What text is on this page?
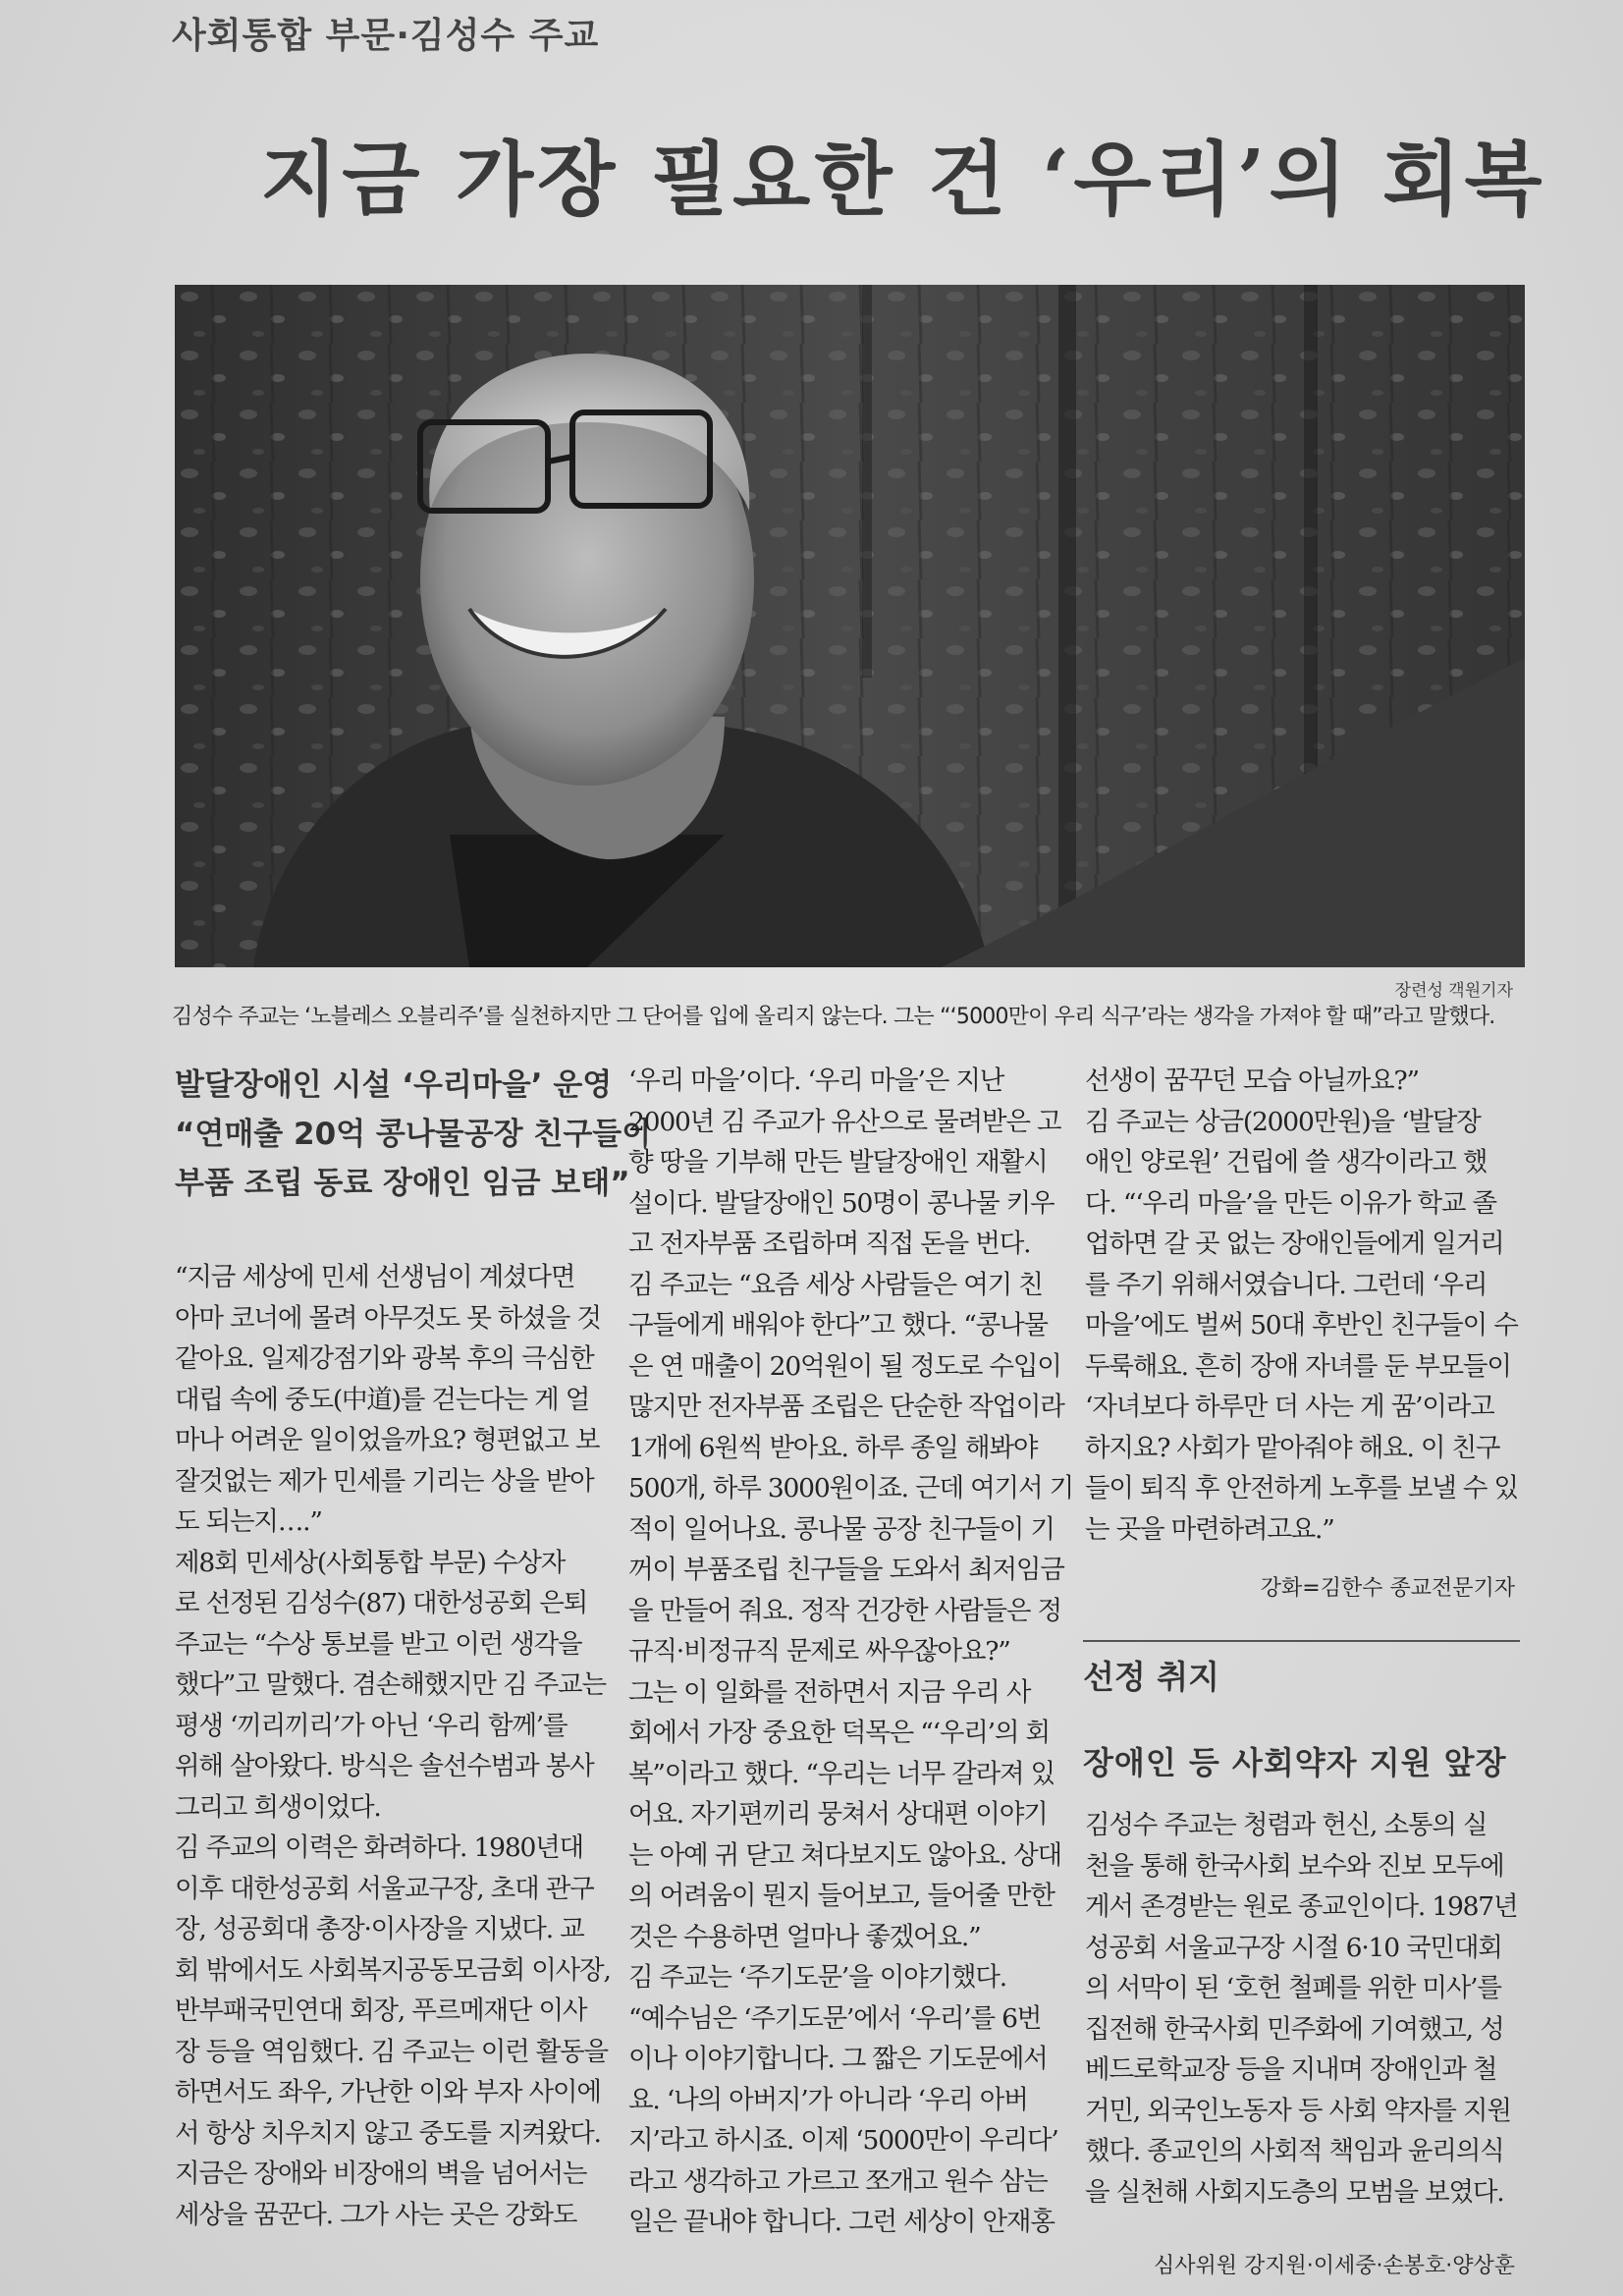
사회통합 부문·김성수 주교
지금 가장 필요한 건 ‘우리’의 회복
장련성 객원기자
김성수 주교는 ‘노블레스 오블리주’를 실천하지만 그 단어를 입에 올리지 않는다. 그는 “‘5000만이 우리 식구’라는 생각을 가져야 할 때”라고 말했다.
발달장애인 시설 ‘우리마을’ 운영
“연매출 20억 콩나물공장 친구들이
부품 조립 동료 장애인 임금 보태”
“지금 세상에 민세 선생님이 계셨다면
아마 코너에 몰려 아무것도 못 하셨을 것
같아요. 일제강점기와 광복 후의 극심한
대립 속에 중도(中道)를 걷는다는 게 얼
마나 어려운 일이었을까요? 형편없고 보
잘것없는 제가 민세를 기리는 상을 받아
도 되는지….”
제8회 민세상(사회통합 부문) 수상자
로 선정된 김성수(87) 대한성공회 은퇴
주교는 “수상 통보를 받고 이런 생각을
했다”고 말했다. 겸손해했지만 김 주교는
평생 ‘끼리끼리’가 아닌 ‘우리 함께’를
위해 살아왔다. 방식은 솔선수범과 봉사
그리고 희생이었다.
김 주교의 이력은 화려하다. 1980년대
이후 대한성공회 서울교구장, 초대 관구
장, 성공회대 총장·이사장을 지냈다. 교
회 밖에서도 사회복지공동모금회 이사장,
반부패국민연대 회장, 푸르메재단 이사
장 등을 역임했다. 김 주교는 이런 활동을
하면서도 좌우, 가난한 이와 부자 사이에
서 항상 치우치지 않고 중도를 지켜왔다.
지금은 장애와 비장애의 벽을 넘어서는
세상을 꿈꾼다. 그가 사는 곳은 강화도
‘우리 마을’이다. ‘우리 마을’은 지난
2000년 김 주교가 유산으로 물려받은 고
향 땅을 기부해 만든 발달장애인 재활시
설이다. 발달장애인 50명이 콩나물 키우
고 전자부품 조립하며 직접 돈을 번다.
김 주교는 “요즘 세상 사람들은 여기 친
구들에게 배워야 한다”고 했다. “콩나물
은 연 매출이 20억원이 될 정도로 수입이
많지만 전자부품 조립은 단순한 작업이라
1개에 6원씩 받아요. 하루 종일 해봐야
500개, 하루 3000원이죠. 근데 여기서 기
적이 일어나요. 콩나물 공장 친구들이 기
꺼이 부품조립 친구들을 도와서 최저임금
을 만들어 줘요. 정작 건강한 사람들은 정
규직·비정규직 문제로 싸우잖아요?”
그는 이 일화를 전하면서 지금 우리 사
회에서 가장 중요한 덕목은 “‘우리’의 회
복”이라고 했다. “우리는 너무 갈라져 있
어요. 자기편끼리 뭉쳐서 상대편 이야기
는 아예 귀 닫고 쳐다보지도 않아요. 상대
의 어려움이 뭔지 들어보고, 들어줄 만한
것은 수용하면 얼마나 좋겠어요.”
김 주교는 ‘주기도문’을 이야기했다.
“예수님은 ‘주기도문’에서 ‘우리’를 6번
이나 이야기합니다. 그 짧은 기도문에서
요. ‘나의 아버지’가 아니라 ‘우리 아버
지’라고 하시죠. 이제 ‘5000만이 우리다’
라고 생각하고 가르고 쪼개고 원수 삼는
일은 끝내야 합니다. 그런 세상이 안재홍
선생이 꿈꾸던 모습 아닐까요?”
김 주교는 상금(2000만원)을 ‘발달장
애인 양로원’ 건립에 쓸 생각이라고 했
다. “‘우리 마을’을 만든 이유가 학교 졸
업하면 갈 곳 없는 장애인들에게 일거리
를 주기 위해서였습니다. 그런데 ‘우리
마을’에도 벌써 50대 후반인 친구들이 수
두룩해요. 흔히 장애 자녀를 둔 부모들이
‘자녀보다 하루만 더 사는 게 꿈’이라고
하지요? 사회가 맡아줘야 해요. 이 친구
들이 퇴직 후 안전하게 노후를 보낼 수 있
는 곳을 마련하려고요.”
강화=김한수 종교전문기자
선정 취지
장애인 등 사회약자 지원 앞장
김성수 주교는 청렴과 헌신, 소통의 실
천을 통해 한국사회 보수와 진보 모두에
게서 존경받는 원로 종교인이다. 1987년
성공회 서울교구장 시절 6·10 국민대회
의 서막이 된 ‘호헌 철폐를 위한 미사’를
집전해 한국사회 민주화에 기여했고, 성
베드로학교장 등을 지내며 장애인과 철
거민, 외국인노동자 등 사회 약자를 지원
했다. 종교인의 사회적 책임과 윤리의식
을 실천해 사회지도층의 모범을 보였다.
심사위원 강지원·이세중·손봉호·양상훈
